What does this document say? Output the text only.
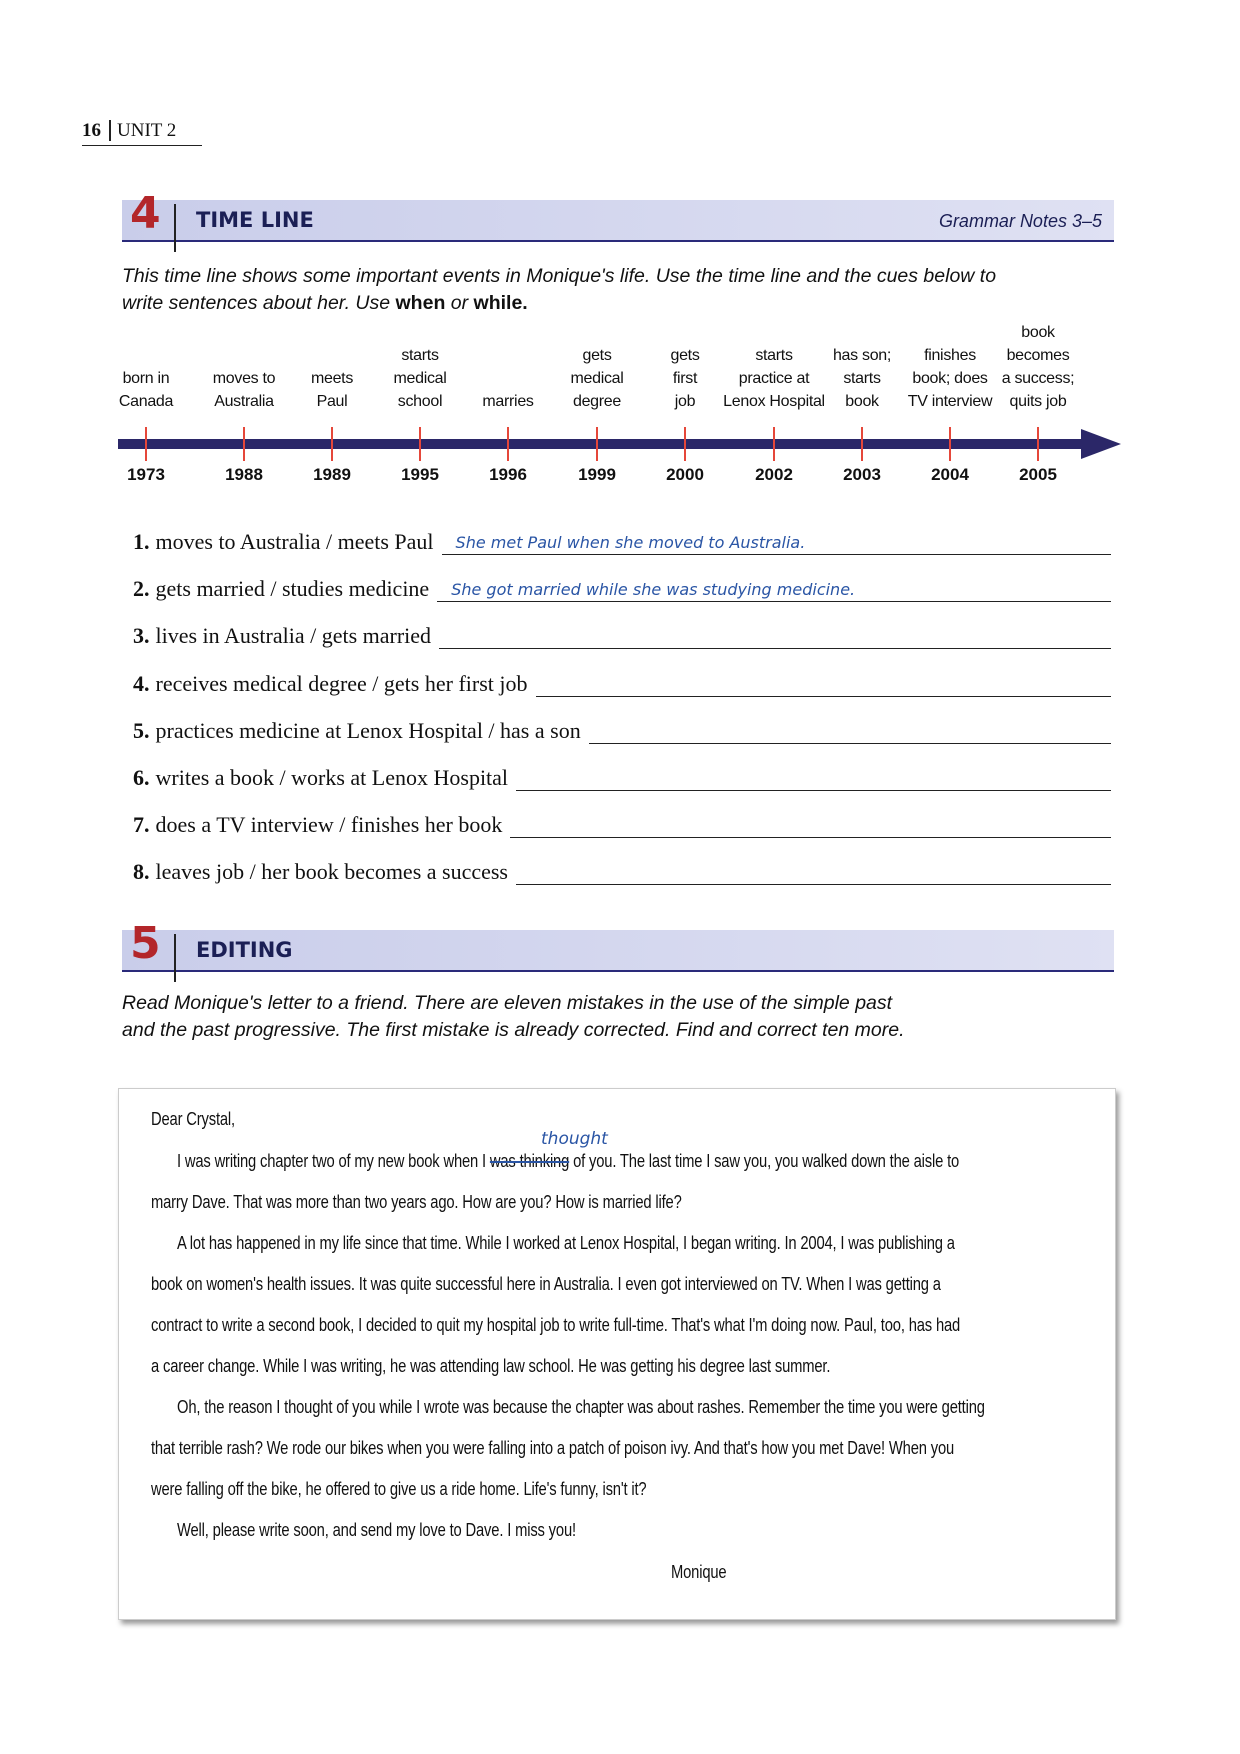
16 UNIT 2
4 TIME LINE	Grammar Notes 3–5
This time line shows some important events in Monique's life. Use the time line and the cues below to write sentences about her. Use when or while.
born in
Canada
1973
moves to
Australia
1988
meets
Paul
1989
starts
medical
school
1995
marries
1996
gets
medical
degree
1999
gets
first
job
2000
starts
practice at
Lenox Hospital
2002
has son;
starts
book
2003
finishes
book; does
TV interview
2004
book becomes
a success;
quits job
2005
1. moves to Australia / meets Paul She met Paul when she moved to Australia.
2. gets married / studies medicine She got married while she was studying medicine.
3. lives in Australia / gets married
4. receives medical degree / gets her first job
5. practices medicine at Lenox Hospital / has a son
6. writes a book / works at Lenox Hospital
7. does a TV interview / finishes her book
8. leaves job / her book becomes a success
5 EDITING
Read Monique's letter to a friend. There are eleven mistakes in the use of the simple past
and the past progressive. The first mistake is already corrected. Find and correct ten more.
Dear Crystal,
thought
I was writing chapter two of my new book when I was thinking of you. The last time I saw you, you walked down the aisle to
marry Dave. That was more than two years ago. How are you? How is married life?
A lot has happened in my life since that time. While I worked at Lenox Hospital, I began writing. In 2004, I was publishing a
book on women's health issues. It was quite successful here in Australia. I even got interviewed on TV. When I was getting a
contract to write a second book, I decided to quit my hospital job to write full-time. That's what I'm doing now. Paul, too, has had
a career change. While I was writing, he was attending law school. He was getting his degree last summer.
Oh, the reason I thought of you while I wrote was because the chapter was about rashes. Remember the time you were getting
that terrible rash? We rode our bikes when you were falling into a patch of poison ivy. And that's how you met Dave! When you
were falling off the bike, he offered to give us a ride home. Life's funny, isn't it?
Well, please write soon, and send my love to Dave. I miss you!
Monique
